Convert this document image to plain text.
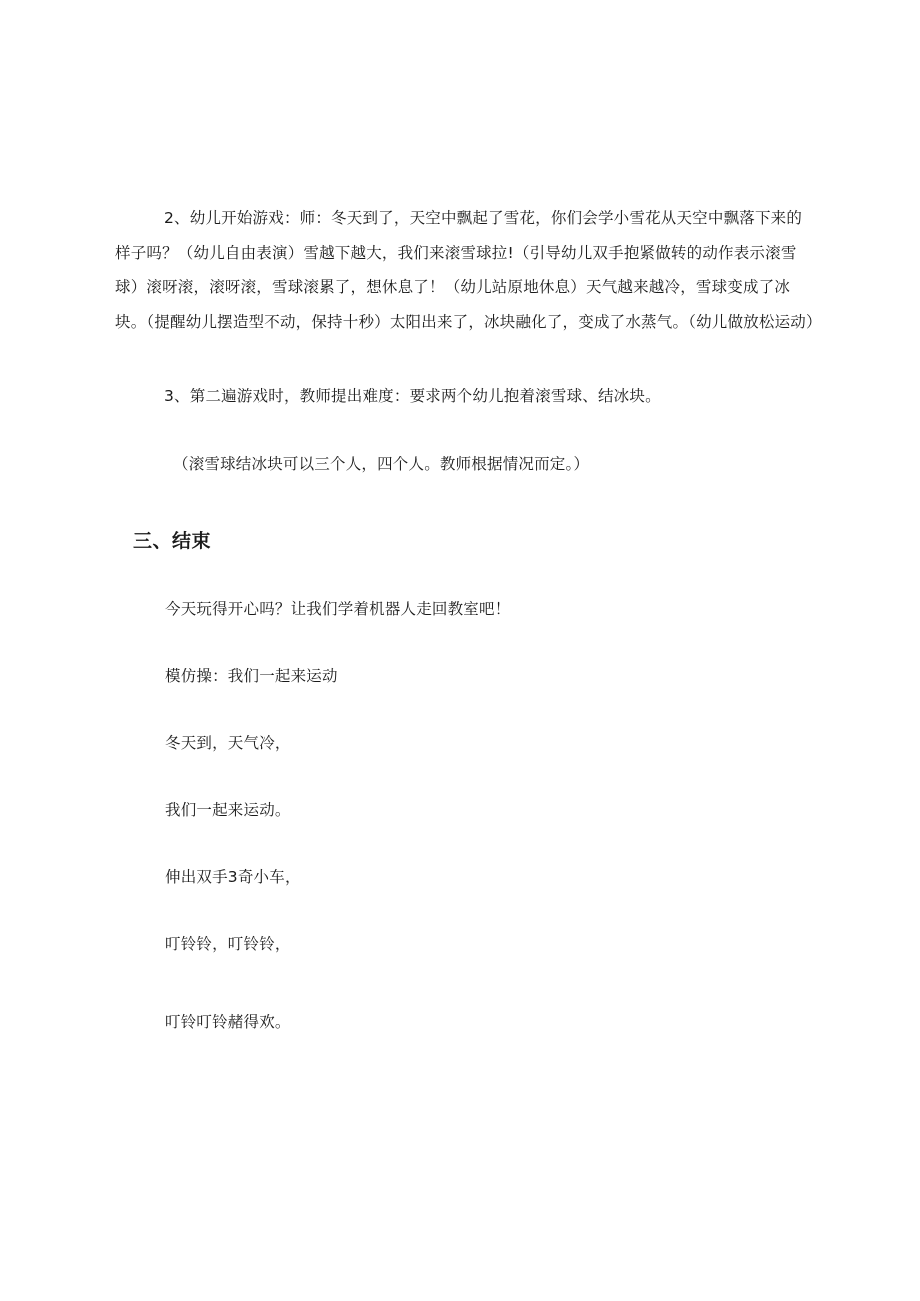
2、幼儿开始游戏：师：冬天到了，天空中飘起了雪花，你们会学小雪花从天空中飘落下来的样子吗？（幼儿自由表演）雪越下越大，我们来滚雪球拉!（引导幼儿双手抱紧做转的动作表示滚雪球）滚呀滚，滚呀滚，雪球滚累了，想休息了！（幼儿站原地休息）天气越来越冷，雪球变成了冰块。（提醒幼儿摆造型不动，保持十秒）太阳出来了，冰块融化了，变成了水蒸气。（幼儿做放松运动）

3、第二遍游戏时，教师提出难度：要求两个幼儿抱着滚雪球、结冰块。

（滚雪球结冰块可以三个人，四个人。教师根据情况而定。）

三、结束

今天玩得开心吗？让我们学着机器人走回教室吧！

模仿操：我们一起来运动

冬天到，天气冷，

我们一起来运动。

伸出双手3奇小车，

叮铃铃，叮铃铃，

叮铃叮铃赭得欢。
